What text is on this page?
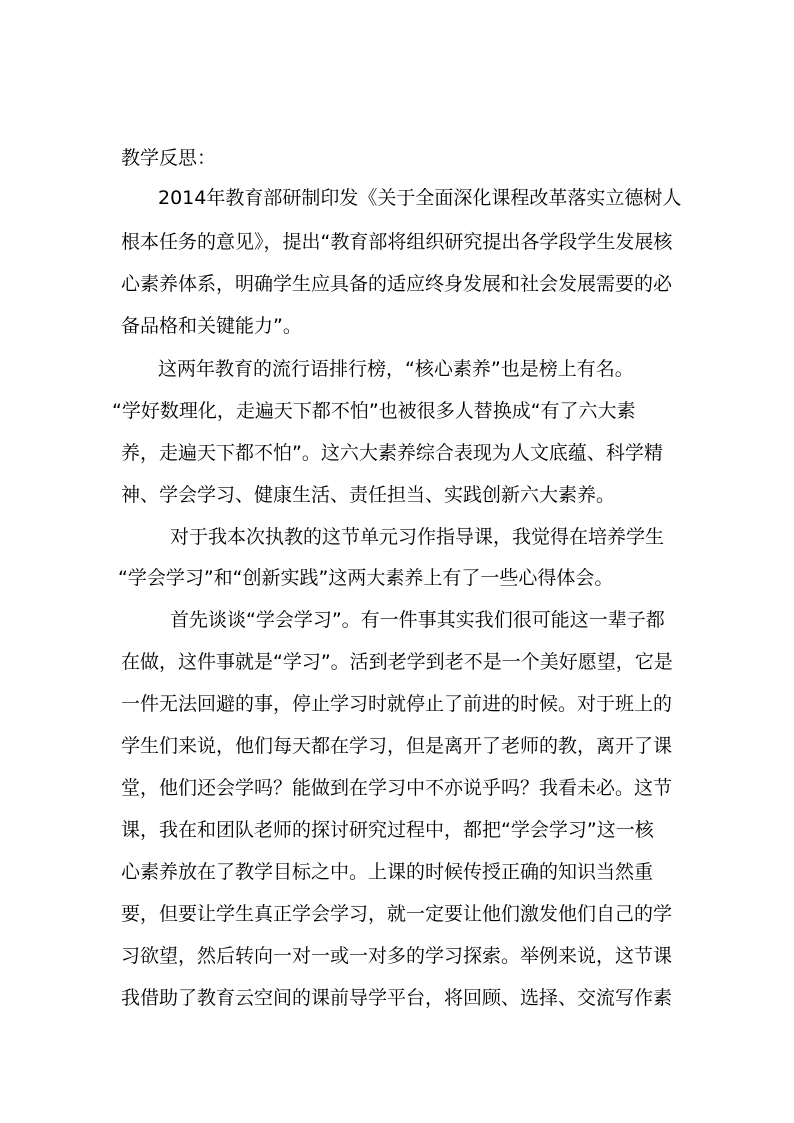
教学反思：
2014年教育部研制印发《关于全面深化课程改革落实立德树人
根本任务的意见》，提出“教育部将组织研究提出各学段学生发展核
心素养体系，明确学生应具备的适应终身发展和社会发展需要的必
备品格和关键能力”。
这两年教育的流行语排行榜，“核心素养”也是榜上有名。
“学好数理化，走遍天下都不怕”也被很多人替换成“有了六大素
养，走遍天下都不怕”。这六大素养综合表现为人文底蕴、科学精
神、学会学习、健康生活、责任担当、实践创新六大素养。
对于我本次执教的这节单元习作指导课，我觉得在培养学生
“学会学习”和“创新实践”这两大素养上有了一些心得体会。
首先谈谈“学会学习”。有一件事其实我们很可能这一辈子都
在做，这件事就是“学习”。活到老学到老不是一个美好愿望，它是
一件无法回避的事，停止学习时就停止了前进的时候。对于班上的
学生们来说，他们每天都在学习，但是离开了老师的教，离开了课
堂，他们还会学吗？能做到在学习中不亦说乎吗？我看未必。这节
课，我在和团队老师的探讨研究过程中，都把“学会学习”这一核
心素养放在了教学目标之中。上课的时候传授正确的知识当然重
要，但要让学生真正学会学习，就一定要让他们激发他们自己的学
习欲望，然后转向一对一或一对多的学习探索。举例来说，这节课
我借助了教育云空间的课前导学平台，将回顾、选择、交流写作素
